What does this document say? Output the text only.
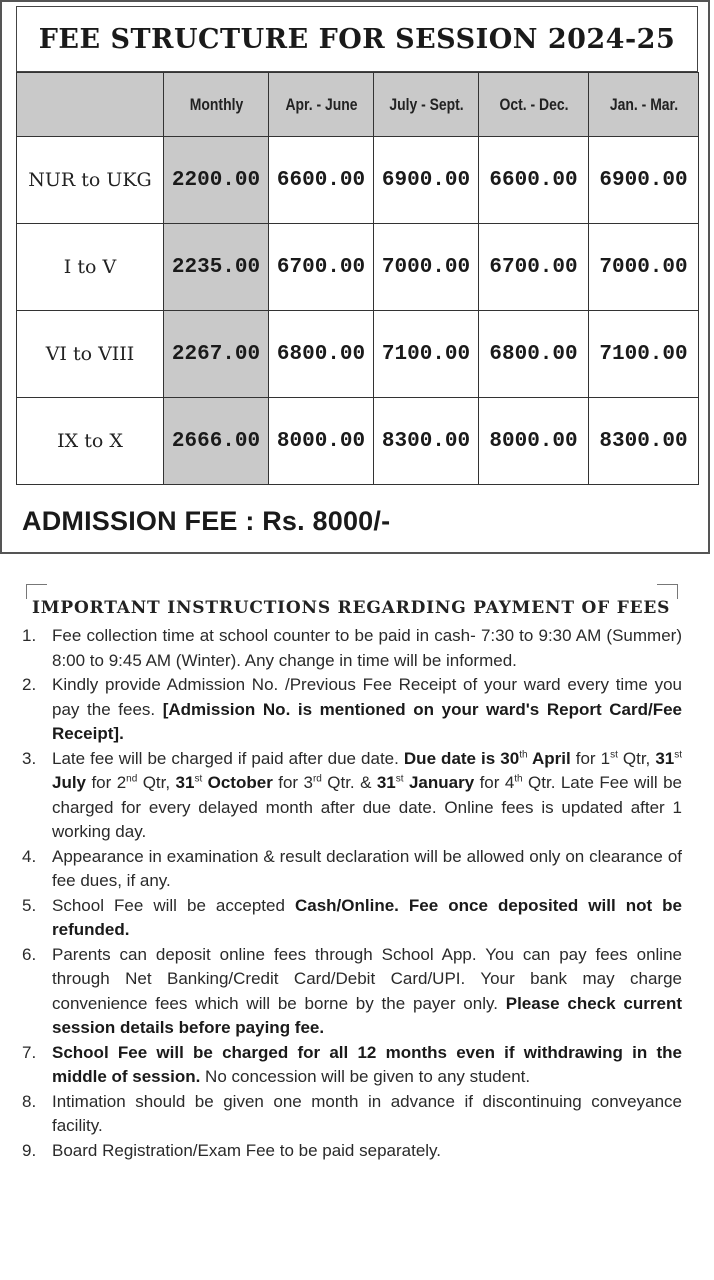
FEE STRUCTURE FOR SESSION 2024-25
	Monthly	Apr. - June	July - Sept.	Oct. - Dec.	Jan. - Mar.
NUR to UKG	2200.00	6600.00	6900.00	6600.00	6900.00
I to V	2235.00	6700.00	7000.00	6700.00	7000.00
VI to VIII	2267.00	6800.00	7100.00	6800.00	7100.00
IX to X	2666.00	8000.00	8300.00	8000.00	8300.00
ADMISSION FEE : Rs. 8000/-
IMPORTANT INSTRUCTIONS REGARDING PAYMENT OF FEES
1. Fee collection time at school counter to be paid in cash- 7:30 to 9:30 AM (Summer) 8:00 to 9:45 AM (Winter). Any change in time will be informed.
2. Kindly provide Admission No. /Previous Fee Receipt of your ward every time you pay the fees. [Admission No. is mentioned on your ward's Report Card/Fee Receipt].
3. Late fee will be charged if paid after due date. Due date is 30th April for 1st Qtr, 31st July for 2nd Qtr, 31st October for 3rd Qtr. & 31st January for 4th Qtr. Late Fee will be charged for every delayed month after due date. Online fees is updated after 1 working day.
4. Appearance in examination & result declaration will be allowed only on clearance of fee dues, if any.
5. School Fee will be accepted Cash/Online. Fee once deposited will not be refunded.
6. Parents can deposit online fees through School App. You can pay fees online through Net Banking/Credit Card/Debit Card/UPI. Your bank may charge convenience fees which will be borne by the payer only. Please check current session details before paying fee.
7. School Fee will be charged for all 12 months even if withdrawing in the middle of session. No concession will be given to any student.
8. Intimation should be given one month in advance if discontinuing conveyance facility.
9. Board Registration/Exam Fee to be paid separately.
